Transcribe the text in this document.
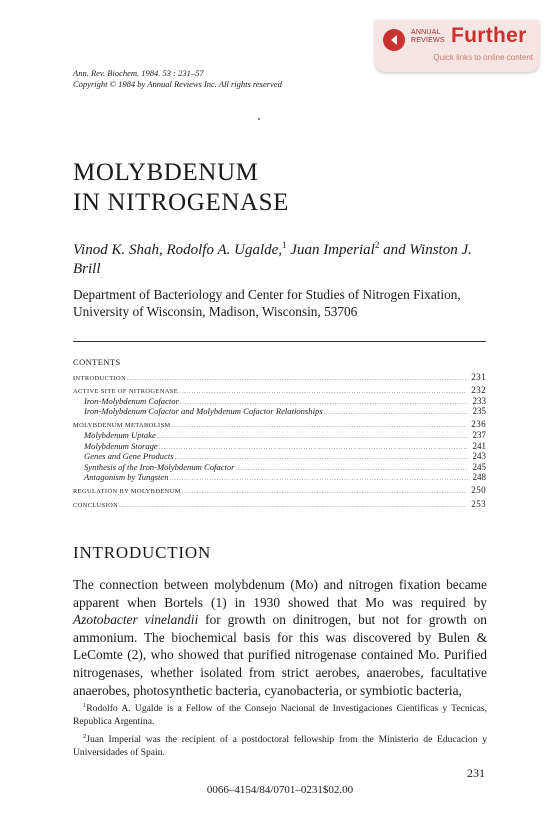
ANNUAL
REVIEWS Further
Quick links to online content
Ann. Rev. Biochem. 1984. 53 : 231–57
Copyright © 1984 by Annual Reviews Inc. All rights reserved
MOLYBDENUM
IN NITROGENASE
Vinod K. Shah, Rodolfo A. Ugalde,$^1$ Juan Imperial$^2$ and Winston J. Brill
Department of Bacteriology and Center for Studies of Nitrogen Fixation, University of Wisconsin, Madison, Wisconsin, 53706
CONTENTS
INTRODUCTION .....	231
ACTIVE SITE OF NITROGENASE .....	232
Iron-Molybdenum Cofactor .....	233
Iron-Molybdenum Cofactor and Molybdenum Cofactor Relationships .....	235
MOLYBDENUM METABOLISM .....	236
Molybdenum Uptake .....	237
Molybdenum Storage .....	241
Genes and Gene Products .....	243
Synthesis of the Iron-Molybdenum Cofactor .....	245
Antagonism by Tungsten .....	248
REGULATION BY MOLYBDENUM .....	250
CONCLUSION .....	253
INTRODUCTION
The connection between molybdenum (Mo) and nitrogen fixation became apparent when Bortels (1) in 1930 showed that Mo was required by Azotobacter vinelandii for growth on dinitrogen, but not for growth on ammonium. The biochemical basis for this was discovered by Bulen & LeComte (2), who showed that purified nitrogenase contained Mo. Purified nitrogenases, whether isolated from strict aerobes, anaerobes, facultative anaerobes, photosynthetic bacteria, cyanobacteria, or symbiotic bacteria,

$^1$Rodolfo A. Ugalde is a Fellow of the Consejo Nacional de Investigaciones Cientificas y Tecnicas, Republica Argentina.

$^2$Juan Imperial was the recipient of a postdoctoral fellowship from the Ministerio de Educacion y Universidades of Spain.

231
0066–4154/84/0701–0231$02.00
